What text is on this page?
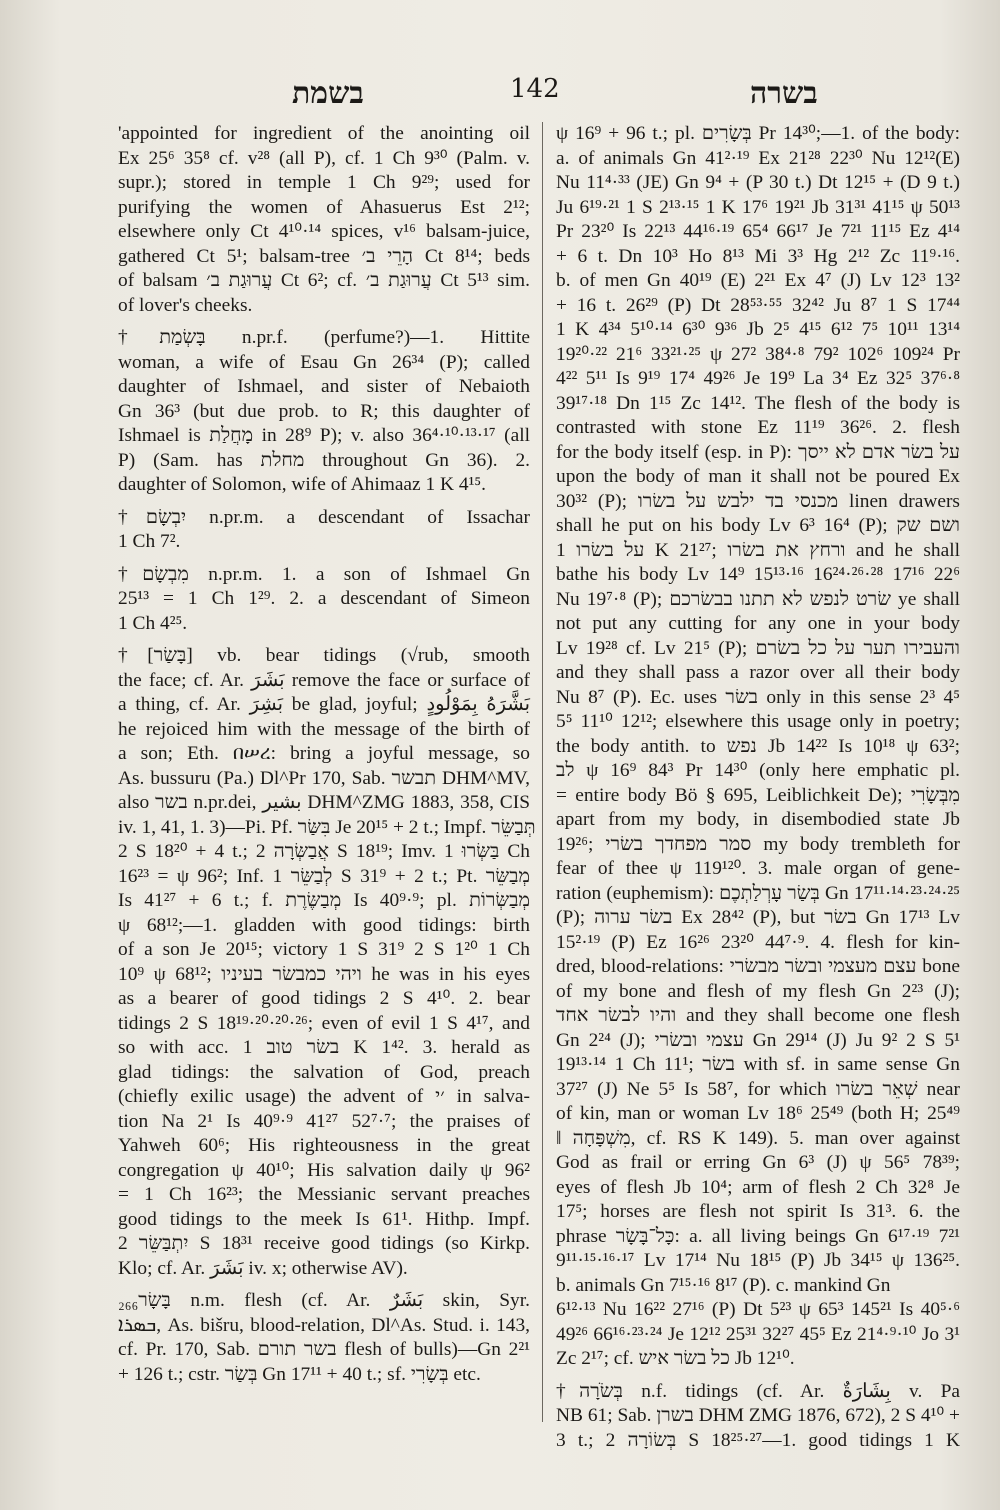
בשמת	142	בשרה
'appointed for ingredient of the anointing oil
Ex 25⁶ 35⁸ cf. v²⁸ (all P), cf. 1 Ch 9³⁰ (Palm. v.
supr.); stored in temple 1 Ch 9²⁹; used for
purifying the women of Ahasuerus Est 2¹²;
elsewhere only Ct 4¹⁰·¹⁴ spices, v¹⁶ balsam-juice,
gathered Ct 5¹; balsam-tree הָרֵי ב׳ Ct 8¹⁴; beds
of balsam עֲרוּגַת ב׳ Ct 6²; cf. עֲרוּגַת ב׳ Ct 5¹³ sim.
of lover's cheeks.
†בָּשְׂמַת n.pr.f. (perfume?)—1. Hittite
woman, a wife of Esau Gn 26³⁴ (P); called
daughter of Ishmael, and sister of Nebaioth
Gn 36³ (but due prob. to R; this daughter of
Ishmael is מָחֲלַת in 28⁹ P); v. also 36⁴·¹⁰·¹³·¹⁷ (all
P) (Sam. has מחלת throughout Gn 36). 2.
daughter of Solomon, wife of Ahimaaz 1 K 4¹⁵.
†יִבְשָׂם n.pr.m. a descendant of Issachar
1 Ch 7².
†מִבְשָׂם n.pr.m. 1. a son of Ishmael Gn
25¹³ = 1 Ch 1²⁹. 2. a descendant of Simeon
1 Ch 4²⁵.
†[בָּשַׂר] vb. bear tidings (√rub, smooth
the face; cf. Ar. بَشَرَ remove the face or surface of
a thing, cf. Ar. بَشِرَ be glad, joyful; بَشَّرَهُ بِمَوْلُودٍ
he rejoiced him with the message of the birth of
a son; Eth. በሠረ: bring a joyful message, so
As. bussuru (Pa.) Dl^Pr 170, Sab. תבשר DHM^MV,
also בשר n.pr.dei, بشير DHM^ZMG 1883, 358, CIS
iv. 1, 41, 1. 3)—Pi. Pf. בִּשַּׂר Je 20¹⁵ + 2 t.; Impf. תְּבַשֵּׂר
2 S 18²⁰ + 4 t.; אֲבַשְּׂרָה 2 S 18¹⁹; Imv. בַּשְּׂרוּ 1 Ch
16²³ = ψ 96²; Inf. לְבַשֵּׂר 1 S 31⁹ + 2 t.; Pt. מְבַשֵּׂר
Is 41²⁷ + 6 t.; f. מְבַשֶּׂרֶת Is 40⁹·⁹; pl. מְבַשְּׂרוֹת
ψ 68¹²;—1. gladden with good tidings: birth
of a son Je 20¹⁵; victory 1 S 31⁹ 2 S 1²⁰ 1 Ch
10⁹ ψ 68¹²; ויהי כמבשׂר בעיניו he was in his eyes
as a bearer of good tidings 2 S 4¹⁰. 2. bear
tidings 2 S 18¹⁹·²⁰·²⁰·²⁶; even of evil 1 S 4¹⁷, and
so with acc. בשׂר טוב 1 K 1⁴². 3. herald as
glad tidings: the salvation of God, preach
(chiefly exilic usage) the advent of ׳י in salva-
tion Na 2¹ Is 40⁹·⁹ 41²⁷ 52⁷·⁷; the praises of
Yahweh 60⁶; His righteousness in the great
congregation ψ 40¹⁰; His salvation daily ψ 96²
= 1 Ch 16²³; the Messianic servant preaches
good tidings to the meek Is 61¹. Hithp. Impf.
יִתְבַּשֵּׂר 2 S 18³¹ receive good tidings (so Kirkp.
Klo; cf. Ar. بَشَرَ iv. x; otherwise AV).
בָּשָׂר₂₆₆ n.m. flesh (cf. Ar. بَشَرٌ skin, Syr.
ܒܣܪܐ, As. bišru, blood-relation, Dl^As. Stud. i. 143,
cf. Pr. 170, Sab. בשר תורם flesh of bulls)—Gn 2²¹
+ 126 t.; cstr. בְּשַׂר Gn 17¹¹ + 40 t.; sf. בְּשָׂרִי etc.
ψ 16⁹ + 96 t.; pl. בְּשָׂרִים Pr 14³⁰;—1. of the body:
a. of animals Gn 41²·¹⁹ Ex 21²⁸ 22³⁰ Nu 12¹²(E)
Nu 11⁴·³³ (JE) Gn 9⁴ + (P 30 t.) Dt 12¹⁵ + (D 9 t.)
Ju 6¹⁹·²¹ 1 S 2¹³·¹⁵ 1 K 17⁶ 19²¹ Jb 31³¹ 41¹⁵ ψ 50¹³
Pr 23²⁰ Is 22¹³ 44¹⁶·¹⁹ 65⁴ 66¹⁷ Je 7²¹ 11¹⁵ Ez 4¹⁴
+ 6 t. Dn 10³ Ho 8¹³ Mi 3³ Hg 2¹² Zc 11⁹·¹⁶.
b. of men Gn 40¹⁹ (E) 2²¹ Ex 4⁷ (J) Lv 12³ 13²
+ 16 t. 26²⁹ (P) Dt 28⁵³·⁵⁵ 32⁴² Ju 8⁷ 1 S 17⁴⁴
1 K 4³⁴ 5¹⁰·¹⁴ 6³⁰ 9³⁶ Jb 2⁵ 4¹⁵ 6¹² 7⁵ 10¹¹ 13¹⁴
19²⁰·²² 21⁶ 33²¹·²⁵ ψ 27² 38⁴·⁸ 79² 102⁶ 109²⁴ Pr
4²² 5¹¹ Is 9¹⁹ 17⁴ 49²⁶ Je 19⁹ La 3⁴ Ez 32⁵ 37⁶·⁸
39¹⁷·¹⁸ Dn 1¹⁵ Zc 14¹². The flesh of the body is
contrasted with stone Ez 11¹⁹ 36²⁶. 2. flesh
for the body itself (esp. in P): על בשׂר אדם לא ייסך
upon the body of man it shall not be poured Ex
30³² (P); מכנסי בד ילבש על בשׂרו linen drawers
shall he put on his body Lv 6³ 16⁴ (P); ושם שק
על בשׂרו 1 K 21²⁷; ורחץ את בשׂרו and he shall
bathe his body Lv 14⁹ 15¹³·¹⁶ 16²⁴·²⁶·²⁸ 17¹⁶ 22⁶
Nu 19⁷·⁸ (P); שׂרט לנפש לא תתנו בבשׂרכם ye shall
not put any cutting for any one in your body
Lv 19²⁸ cf. Lv 21⁵ (P); והעבירו תער על כל בשׂרם
and they shall pass a razor over all their body
Nu 8⁷ (P). Ec. uses בשׂר only in this sense 2³ 4⁵
5⁵ 11¹⁰ 12¹²; elsewhere this usage only in poetry;
the body antith. to נפש Jb 14²² Is 10¹⁸ ψ 63²;
לב ψ 16⁹ 84³ Pr 14³⁰ (only here emphatic pl.
= entire body Bö § 695, Leiblichkeit De); מִבְּשָׂרִי
apart from my body, in disembodied state Jb
19²⁶; סמר מפחדך בשׂרי my body trembleth for
fear of thee ψ 119¹²⁰. 3. male organ of gene-
ration (euphemism): בְּשַׂר עָרְלַתְכֶם Gn 17¹¹·¹⁴·²³·²⁴·²⁵
(P); בשׂר ערוה Ex 28⁴² (P), but בשׂר Gn 17¹³ Lv
15²·¹⁹ (P) Ez 16²⁶ 23²⁰ 44⁷·⁹. 4. flesh for kin-
dred, blood-relations: עצם מעצמי ובשׂר מבשׂרי bone
of my bone and flesh of my flesh Gn 2²³ (J);
והיו לבשׂר אחד and they shall become one flesh
Gn 2²⁴ (J); עצמי ובשׂרי Gn 29¹⁴ (J) Ju 9² 2 S 5¹
19¹³·¹⁴ 1 Ch 11¹; בשׂר with sf. in same sense Gn
37²⁷ (J) Ne 5⁵ Is 58⁷, for which שְׁאֵר בשׂרו near
of kin, man or woman Lv 18⁶ 25⁴⁹ (both H; 25⁴⁹
‖ מִשְׁפָּחָה, cf. RS K 149). 5. man over against
God as frail or erring Gn 6³ (J) ψ 56⁵ 78³⁹;
eyes of flesh Jb 10⁴; arm of flesh 2 Ch 32⁸ Je
17⁵; horses are flesh not spirit Is 31³. 6. the
phrase כָּל־בָּשָׂר: a. all living beings Gn 6¹⁷·¹⁹ 7²¹
9¹¹·¹⁵·¹⁶·¹⁷ Lv 17¹⁴ Nu 18¹⁵ (P) Jb 34¹⁵ ψ 136²⁵.
b. animals Gn 7¹⁵·¹⁶ 8¹⁷ (P). c. mankind Gn
6¹²·¹³ Nu 16²² 27¹⁶ (P) Dt 5²³ ψ 65³ 145²¹ Is 40⁵·⁶
49²⁶ 66¹⁶·²³·²⁴ Je 12¹² 25³¹ 32²⁷ 45⁵ Ez 21⁴·⁹·¹⁰ Jo 3¹
Zc 2¹⁷; cf. כל בשׂר איש Jb 12¹⁰.
†בְּשֹׂרָה n.f. tidings (cf. Ar. بِشَارَةٌ v. Pa
NB 61; Sab. בשרן DHM ZMG 1876, 672), 2 S 4¹⁰ +
3 t.; בְּשׂוֹרָה 2 S 18²⁵·²⁷—1. good tidings 1 K
